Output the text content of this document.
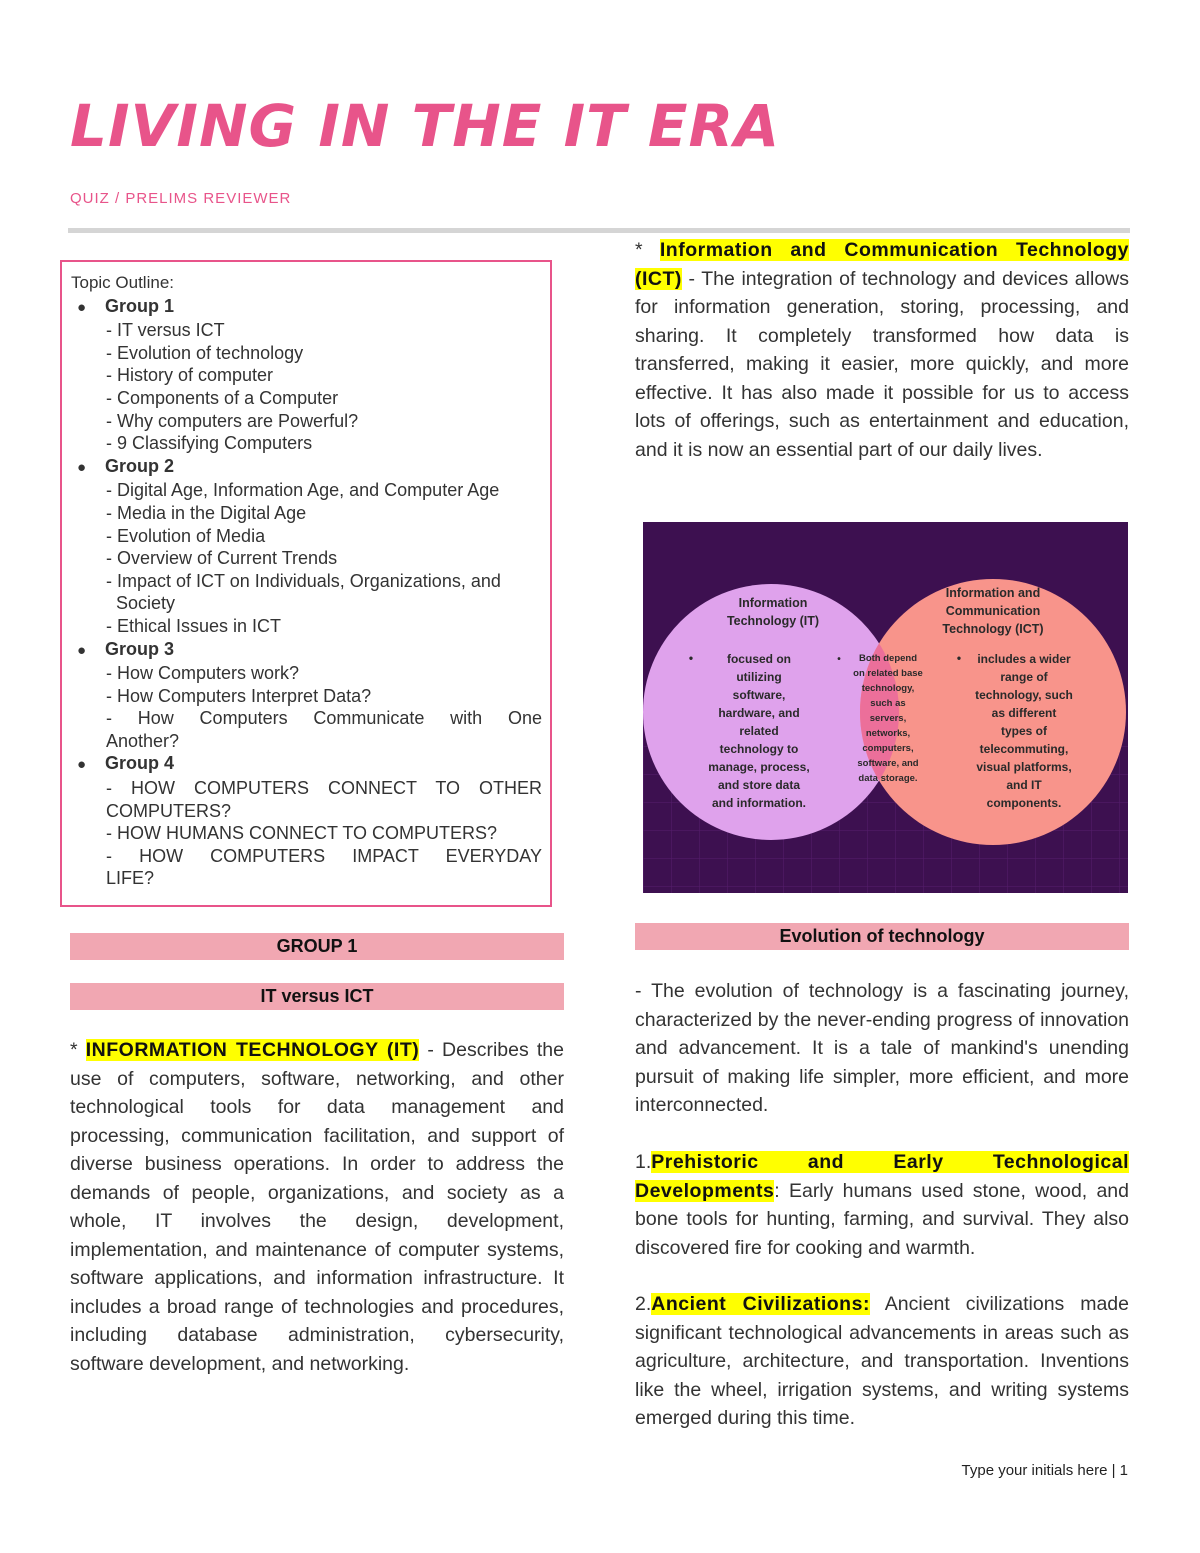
LIVING IN THE IT ERA
QUIZ / PRELIMS REVIEWER
Topic Outline:
● Group 1
- IT versus ICT
- Evolution of technology
- History of computer
- Components of a Computer
- Why computers are Powerful?
- 9 Classifying Computers
● Group 2
- Digital Age, Information Age, and Computer Age
- Media in the Digital Age
- Evolution of Media
- Overview of Current Trends
- Impact of ICT on Individuals, Organizations, and
Society
- Ethical Issues in ICT
● Group 3
- How Computers work?
- How Computers Interpret Data?
- How Computers Communicate with One
Another?
● Group 4
- HOW COMPUTERS CONNECT TO OTHER
COMPUTERS?
- HOW HUMANS CONNECT TO COMPUTERS?
- HOW COMPUTERS IMPACT EVERYDAY
LIFE?
GROUP 1
IT versus ICT
* INFORMATION TECHNOLOGY (IT) - Describes the use of computers, software, networking, and other technological tools for data management and processing, communication facilitation, and support of diverse business operations. In order to address the demands of people, organizations, and society as a whole, IT involves the design, development, implementation, and maintenance of computer systems, software applications, and information infrastructure. It includes a broad range of technologies and procedures, including database administration, cybersecurity, software development, and networking.
* Information and Communication Technology (ICT) - The integration of technology and devices allows for information generation, storing, processing, and sharing. It completely transformed how data is transferred, making it easier, more quickly, and more effective. It has also made it possible for us to access lots of offerings, such as entertainment and education, and it is now an essential part of our daily lives.
Information
Technology (IT)
•	focused on
utilizing
software,
hardware, and
related
technology to
manage, process,
and store data
and information.
• Both depend
on related base
technology,
such as
servers,
networks,
computers,
software, and
data storage.
Information and
Communication
Technology (ICT)
• includes a wider
range of
technology, such
as different
types of
telecommuting,
visual platforms,
and IT
components.
Evolution of technology
- The evolution of technology is a fascinating journey, characterized by the never-ending progress of innovation and advancement. It is a tale of mankind's unending pursuit of making life simpler, more efficient, and more interconnected.
1.Prehistoric and Early Technological Developments: Early humans used stone, wood, and bone tools for hunting, farming, and survival. They also discovered fire for cooking and warmth.
2.Ancient Civilizations: Ancient civilizations made significant technological advancements in areas such as agriculture, architecture, and transportation. Inventions like the wheel, irrigation systems, and writing systems emerged during this time.
Type your initials here | 1
